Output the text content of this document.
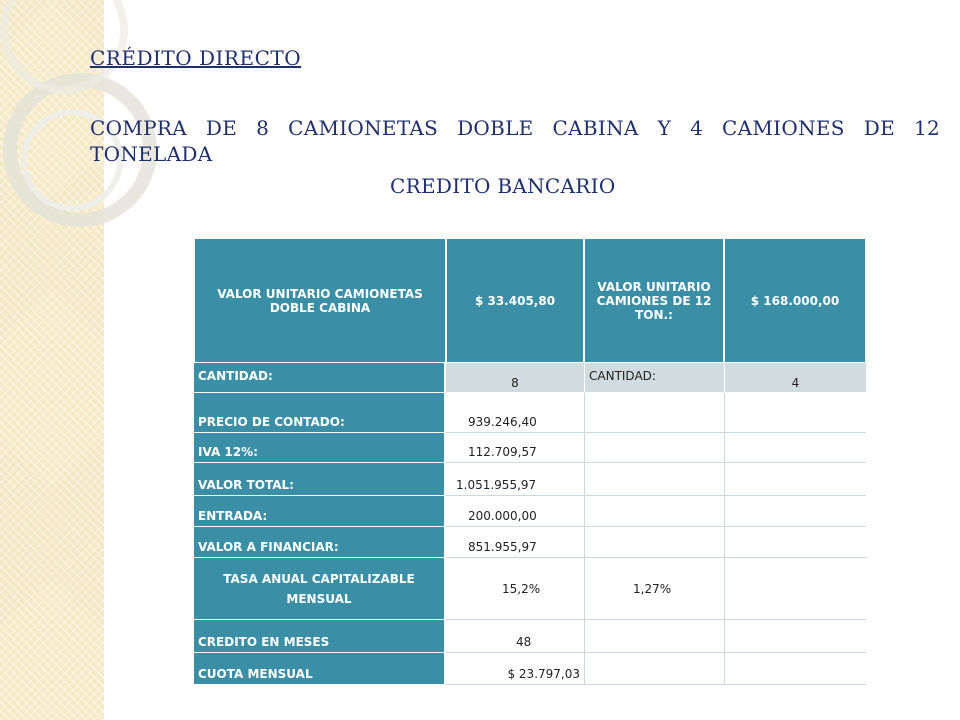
CRÉDITO DIRECTO
COMPRA DE 8 CAMIONETAS DOBLE CABINA Y 4 CAMIONES DE 12
TONELADA
CREDITO BANCARIO
VALOR UNITARIO CAMIONETAS DOBLE CABINA	$ 33.405,80	VALOR UNITARIO CAMIONES DE 12 TON.:	$ 168.000,00
CANTIDAD:	8	CANTIDAD:	4
PRECIO DE CONTADO:	939.246,40		
IVA 12%:	112.709,57		
VALOR TOTAL:	1.051.955,97		
ENTRADA:	200.000,00		
VALOR A FINANCIAR:	851.955,97		
TASA ANUAL CAPITALIZABLE MENSUAL	15,2%	1,27%	
CREDITO EN MESES	48		
CUOTA MENSUAL	$ 23.797,03		
